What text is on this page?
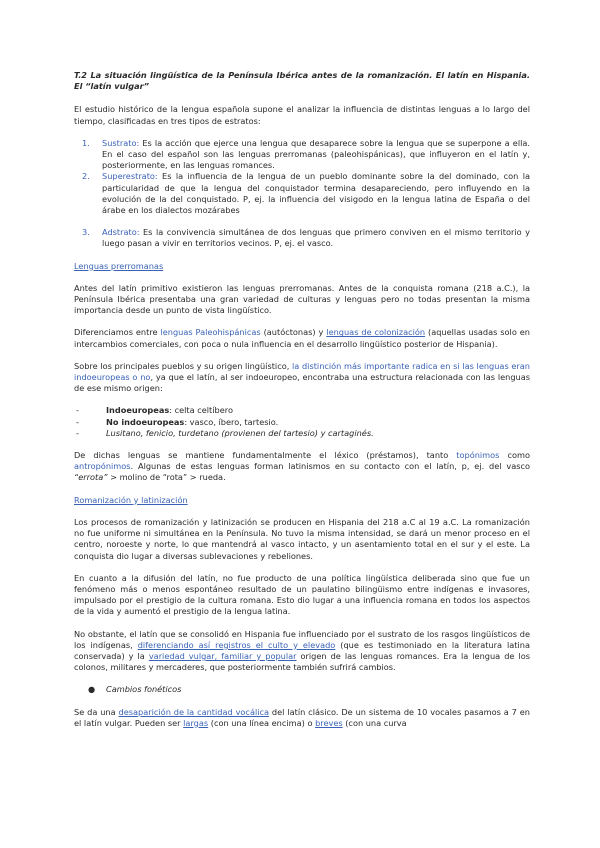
T.2 La situación lingüística de la Península Ibérica antes de la romanización. El latín en Hispania. El “latín vulgar”

El estudio histórico de la lengua española supone el analizar la influencia de distintas lenguas a lo largo del tiempo, clasificadas en tres tipos de estratos:

1. Sustrato: Es la acción que ejerce una lengua que desaparece sobre la lengua que se superpone a ella. En el caso del español son las lenguas prerromanas (paleohispánicas), que influyeron en el latín y, posteriormente, en las lenguas romances.
2. Superestrato: Es la influencia de la lengua de un pueblo dominante sobre la del dominado, con la particularidad de que la lengua del conquistador termina desapareciendo, pero influyendo en la evolución de la del conquistado. P, ej. la influencia del visigodo en la lengua latina de España o del árabe en los dialectos mozárabes
3. Adstrato: Es la convivencia simultánea de dos lenguas que primero conviven en el mismo territorio y luego pasan a vivir en territorios vecinos. P, ej. el vasco.

Lenguas prerromanas

Antes del latín primitivo existieron las lenguas prerromanas. Antes de la conquista romana (218 a.C.), la Península Ibérica presentaba una gran variedad de culturas y lenguas pero no todas presentan la misma importancia desde un punto de vista lingüístico.

Diferenciamos entre lenguas Paleohispánicas (autóctonas) y lenguas de colonización (aquellas usadas solo en intercambios comerciales, con poca o nula influencia en el desarrollo lingüístico posterior de Hispania).

Sobre los principales pueblos y su origen lingüístico, la distinción más importante radica en si las lenguas eran indoeuropeas o no, ya que el latín, al ser indoeuropeo, encontraba una estructura relacionada con las lenguas de ese mismo origen:

-	Indoeuropeas: celta celtíbero
-	No indoeuropeas: vasco, íbero, tartesio.
-	Lusitano, fenicio, turdetano (provienen del tartesio) y cartaginés.

De dichas lenguas se mantiene fundamentalmente el léxico (préstamos), tanto topónimos como antropónimos. Algunas de estas lenguas forman latinismos en su contacto con el latín, p, ej. del vasco “errota” > molino de “rota” > rueda.

Romanización y latinización

Los procesos de romanización y latinización se producen en Hispania del 218 a.C al 19 a.C. La romanización no fue uniforme ni simultánea en la Península. No tuvo la misma intensidad, se dará un menor proceso en el centro, noroeste y norte, lo que mantendrá al vasco intacto, y un asentamiento total en el sur y el este. La conquista dio lugar a diversas sublevaciones y rebeliones.

En cuanto a la difusión del latín, no fue producto de una política lingüística deliberada sino que fue un fenómeno más o menos espontáneo resultado de un paulatino bilingüismo entre indígenas e invasores, impulsado por el prestigio de la cultura romana. Esto dio lugar a una influencia romana en todos los aspectos de la vida y aumentó el prestigio de la lengua latina.

No obstante, el latín que se consolidó en Hispania fue influenciado por el sustrato de los rasgos lingüísticos de los indígenas, diferenciando así registros el culto y elevado (que es testimoniado en la literatura latina conservada) y la variedad vulgar, familiar y popular origen de las lenguas romances. Era la lengua de los colonos, militares y mercaderes, que posteriormente también sufrirá cambios.

● Cambios fonéticos

Se da una desaparición de la cantidad vocálica del latín clásico. De un sistema de 10 vocales pasamos a 7 en el latín vulgar. Pueden ser largas (con una línea encima) o breves (con una curva
